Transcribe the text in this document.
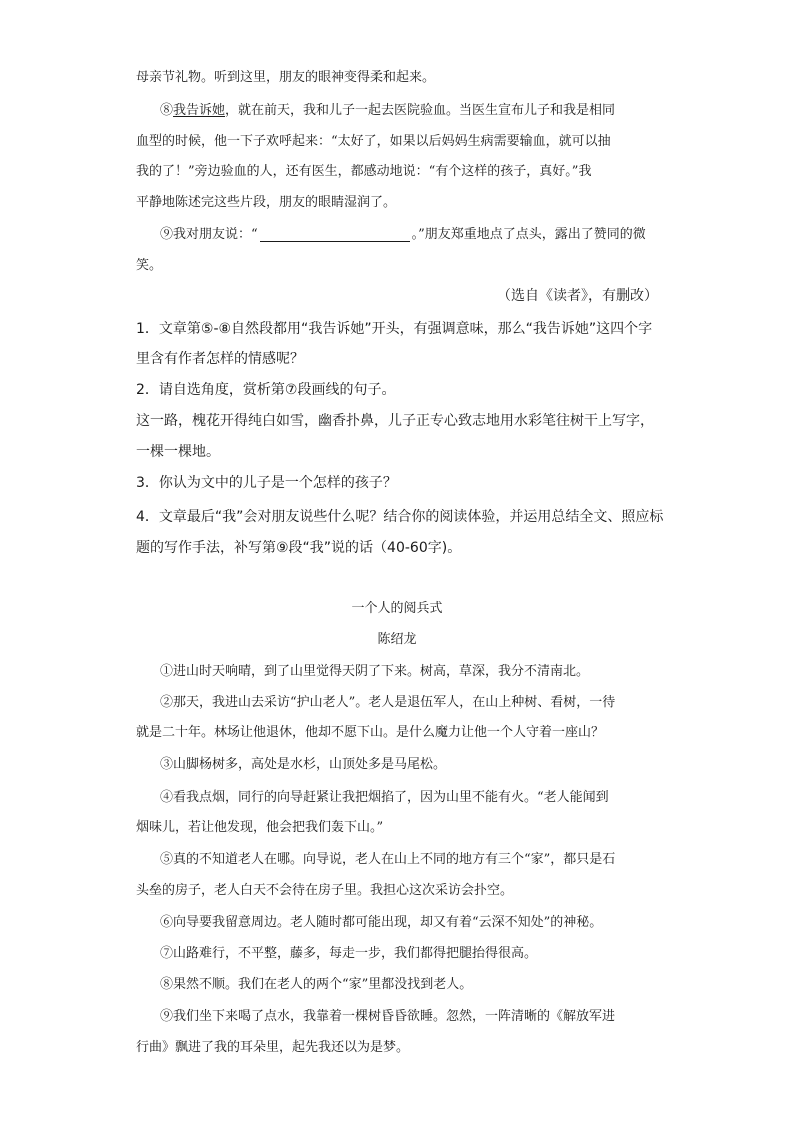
母亲节礼物。听到这里，朋友的眼神变得柔和起来。
⑧我告诉她，就在前天，我和儿子一起去医院验血。当医生宣布儿子和我是相同
血型的时候，他一下子欢呼起来：“太好了，如果以后妈妈生病需要输血，就可以抽
我的了！”旁边验血的人，还有医生，都感动地说：“有个这样的孩子，真好。”我
平静地陈述完这些片段，朋友的眼睛湿润了。
⑨我对朋友说：“	。”朋友郑重地点了点头，露出了赞同的微
笑。
（选自《读者》，有删改）
1．文章第⑤-⑧自然段都用“我告诉她”开头，有强调意味，那么“我告诉她”这四个字
里含有作者怎样的情感呢？
2．请自选角度，赏析第⑦段画线的句子。
这一路，槐花开得纯白如雪，幽香扑鼻，儿子正专心致志地用水彩笔往树干上写字，
一棵一棵地。
3．你认为文中的儿子是一个怎样的孩子？
4．文章最后“我”会对朋友说些什么呢？结合你的阅读体验，并运用总结全文、照应标
题的写作手法，补写第⑨段“我”说的话（40-60字)。
一个人的阅兵式
陈绍龙
①进山时天响晴，到了山里觉得天阴了下来。树高，草深，我分不清南北。
②那天，我进山去采访“护山老人”。老人是退伍军人，在山上种树、看树，一待
就是二十年。林场让他退休，他却不愿下山。是什么魔力让他一个人守着一座山？
③山脚杨树多，高处是水杉，山顶处多是马尾松。
④看我点烟，同行的向导赶紧让我把烟掐了，因为山里不能有火。“老人能闻到
烟味儿，若让他发现，他会把我们轰下山。”
⑤真的不知道老人在哪。向导说，老人在山上不同的地方有三个“家”，都只是石
头垒的房子，老人白天不会待在房子里。我担心这次采访会扑空。
⑥向导要我留意周边。老人随时都可能出现，却又有着“云深不知处”的神秘。
⑦山路难行，不平整，藤多，每走一步，我们都得把腿抬得很高。
⑧果然不顺。我们在老人的两个“家”里都没找到老人。
⑨我们坐下来喝了点水，我靠着一棵树昏昏欲睡。忽然，一阵清晰的《解放军进
行曲》飘进了我的耳朵里，起先我还以为是梦。
